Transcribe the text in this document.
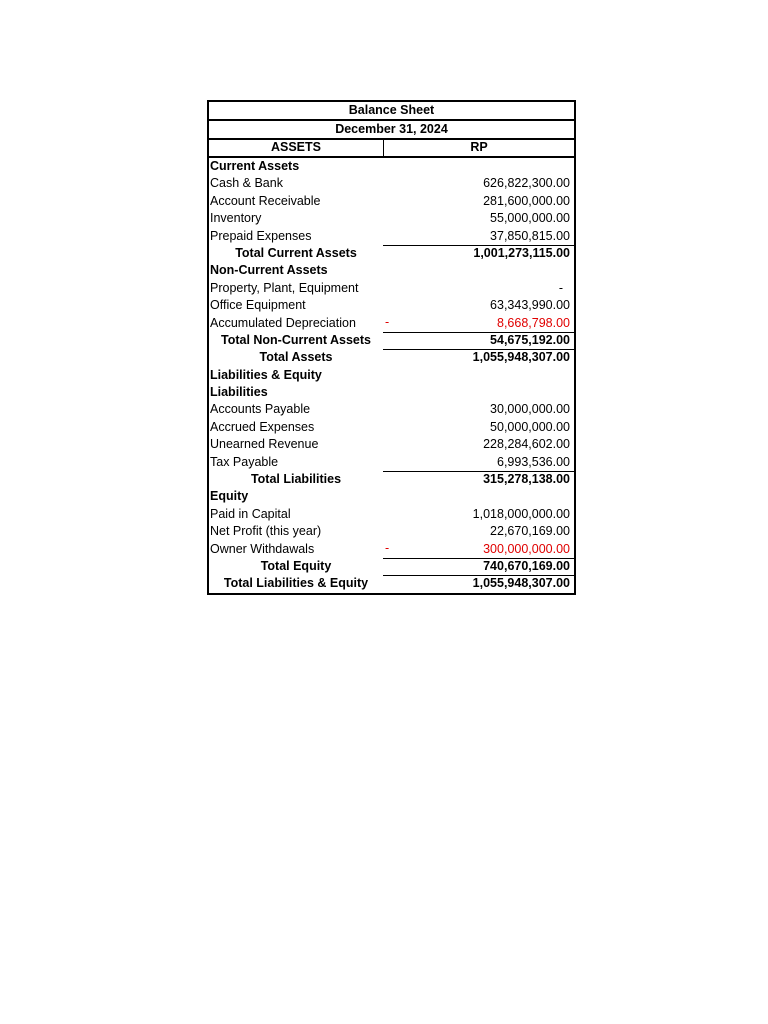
Balance Sheet
December 31, 2024
ASSETS	RP
Current Assets
Cash & Bank	626,822,300.00
Account Receivable	281,600,000.00
Inventory	55,000,000.00
Prepaid Expenses	37,850,815.00
Total Current Assets	1,001,273,115.00
Non-Current Assets
Property, Plant, Equipment	-
Office Equipment	63,343,990.00
Accumulated Depreciation -	8,668,798.00
Total Non-Current Assets	54,675,192.00
Total Assets	1,055,948,307.00
Liabilities & Equity
Liabilities
Accounts Payable	30,000,000.00
Accrued Expenses	50,000,000.00
Unearned Revenue	228,284,602.00
Tax Payable	6,993,536.00
Total Liabilities	315,278,138.00
Equity
Paid in Capital	1,018,000,000.00
Net Profit (this year)	22,670,169.00
Owner Withdawals	-	300,000,000.00
Total Equity	740,670,169.00
Total Liabilities & Equity	1,055,948,307.00
